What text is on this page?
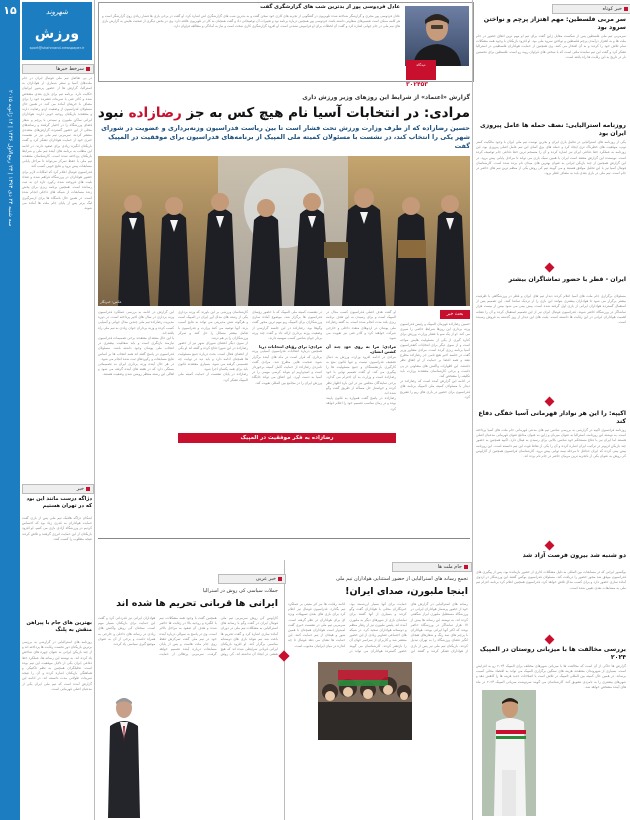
۱۵
سه شنبه ۲۴ دی ۱۳۹۳ | ۲۳ ربیع‌الاول ۱۴۳۶ | ۱۴ ژانویه ۲۰۱۵
شهروند
ورزش
sport@shahrvand-newspaper.ir
سرخط خبرها

در پی تفاضل تیم ملی فوتبال ایران در جام ملت‌های آسیا و سفر شماری از هواداران به استرالیا، گزارش ها از حضور پرشور ایرانیان حکایت دارد. برنامه تیم برای بازی بعدی مشخص شده و کادر فنی با تمرینات فشرده خود را برای مصاف با حریفان آماده می کند. در همین حال مسئولان فدراسیون از وضعیت اردو رضایت دارند و معتقدند بازیکنان روحیه خوبی دارند. هواداران ایرانی ساکن ملبورن و سیدنی با پرچم و شعار فضای ورزشگاه را در اختیار گرفتند و رسانه‌های محلی از این حضور گسترده گزارش‌های متعددی منتشر کردند. سرمربی تیم ملی نیز در نشست خبری خود از حمایت هواداران تشکر کرد و گفت بازیکنان انگیزه زیادی برای صعود دارند. در ادامه این مطلب به برنامه های آینده تیم ملی و شرایط بازیکنان پرداخته شده است. کارشناسان معتقدند تیم ملی با حفظ تمرکز می‌تواند تا مراحل پایانی مسابقات پیش برود و نتایج خوبی کسب کند.

فدراسیون فوتبال اعلام کرد که امکانات لازم برای حضور هواداران در ورزشگاه فراهم شده و تعداد بلیت های فروخته شده رکورد تازه ای به ثبت رسانده است. همچنین برنامه ریزی برای پخش زنده مسابقات از شبکه های داخلی انجام شده است. در همین حال باشگاه ها برای ازسرگیری لیگ برتر پس از پایان جام ملت ها آماده می شوند.

خبر
دژاگه درست مانند این بود که در تهران هستیم

اشکان دژاگه هافبک تیم ملی پس از بازی گفت حمایت هواداران به قدری زیاد بود که احساس کردیم در ورزشگاه آزادی بازی می کنیم. او افزود بازیکنان از این حمایت انرژی گرفتند و تلاش کردند نتیجه مطلوب را کسب کنند.

بهترین های جام با پیراهن منقش به پلنگ

روزنامه های استرالیایی در گزارشی به بررسی برترین بازیکنان دور نخست رقابت ها پرداخته اند و از چند بازیکن ایرانی به عنوان چهره های شاخص یاد کرده اند. به نوشته این رسانه ها، عملکرد خط دفاعی ایران یکی از دلایل موفقیت این تیم بوده است. تحلیلگران همچنین به نظم تاکتیکی و هماهنگی بازیکنان اشاره کرده و آن را نتیجه تمرینات طولانی مدت دانسته اند. در ادامه این گزارش آمده است که تیم ملی ایران یکی از مدعیان اصلی قهرمانی است.

عادل فردوسی پور از بدترین شب های گزارشگری گفت

عادل فردوسی پور مجری و گزارشگر شناخته شده تلویزیون در گفتگویی از تجربه های کاری خود سخن گفت و به بدترین شب های گزارشگری اش اشاره کرد. او گفت در برخی بازی ها فشار زیادی روی گزارشگر است و هر کلمه ممکن است تفسیرهای متفاوتی داشته باشد. فردوسی پور همچنین درباره برنامه نود و تغییرات آن توضیحاتی داد و گفت همچنان به کار در تلویزیون علاقه دارد. وی در بخش دیگری از صحبت هایش به گزارش بازی های تیم ملی در جام جهانی اشاره کرد و گفت آن لحظات برای او فراموش نشدنی است. او افزود گزارشگری کاری سخت است و نیاز به آمادگی و مطالعه فراوان دارد.

دیدگاه
۳۰۲۴۵۳
گزارش «اعتماد» از شرایط این روزهای وزیر ورزش داری
مرادی: در انتخابات آسیا نام هیچ کس به جز رضازاده نبود
حسین رضازاده که از طرف وزارت ورزش تحت فشار است تا بین ریاست فدراسیون وزنه‌برداری و عضویت در شورای شهر یکی را انتخاب کند، در نشست با مسئولان کمیته ملی المپیک از برنامه‌های فدراسیون برای موفقیت در المپیک گفت
عکس: خبرنگار
بحث خبر

حسین رضازاده قهرمان المپیک و رئیس فدراسیون وزنه برداری این روزها شرایط خاصی را سپری می کند. او از یک سو با فشار وزارت ورزش برای کناره گیری از یکی از مسئولیت هایش مواجه است و از سوی دیگر برای انتخابات کنفدراسیون آسیا برنامه ریزی کرده است. مرادی مشاور وزیر گفت در جلسه اخیر هیچ نامی جز رضازاده مطرح نشد و همه اعضا بر حمایت از او اتفاق نظر داشتند. این اظهارات واکنش های متفاوتی در پی داشت و برخی کارشناسان معتقدند وزارت باید تکلیف را مشخص کند.

در ادامه این گزارش آمده است که رضازاده در دیدار با مسئولان کمیته ملی المپیک برنامه های فدراسیون برای حضور در بازی های ریو را تشریح کرد.

او گفت هدف اصلی فدراسیون کسب مدال در المپیک است و برای رسیدن به این هدف برنامه ریزی بلند مدت انجام شده است. به گفته رضازاده ملی پوشان در اردوهای متعدد داخلی و خارجی شرکت خواهند کرد و کادر فنی نیز تقویت می شود.

مرادی: مرا به روی خود چند آن کشتن انشان.

مرادی در ادامه افزود وزارت ورزش به دنبال تضعیف فدراسیون نیست و تنها قانون منع به کارگیری بازنشستگان و جمع مسئولیت ها را پیگیری می کند. او گفت تصمیم نهایی با خود رضازاده است و وزارت به آن احترام می گذارد. برخی نمایندگان مجلس نیز در این باره اظهار نظر کرده و خواستار حل مسأله از طریق گفت وگو شده اند.

رضازاده در پاسخ گفت همواره به قانون پایبند بوده و در زمان مناسب تصمیم خود را اعلام خواهد کرد.

در نشست کمیته ملی المپیک که با حضور رؤسای فدراسیون ها برگزار شد، موضوع آماده سازی ورزشکاران برای المپیک ریو مهم ترین محور گفت وگوها بود. رضازاده در این جلسه گزارشی از وضعیت وزنه برداری ارائه داد و گفت چند وزنه بردار جوان شانس کسب سهمیه دارند.

مرادی: برای رؤیای انتخابات دریا

همچنین درباره انتخابات فدراسیون آسیایی وزنه برداری که قرار است در ماه های آینده برگزار شود، صحبت هایی مطرح شد. مرادی گفت نامزدی رضازاده از حمایت کامل کمیته برخوردار است و امیدواریم او بتواند کرسی مهمی را در آسیا به دست آورد. این اتفاق می تواند جایگاه ورزش ایران را در مجامع بین المللی تقویت کند.

کارشناسان ورزشی بر این باورند که وزنه برداری یکی از رشته های مدال آور ایران در المپیک است و هرگونه تنش مدیریتی می تواند به نتایج آسیب بزند. آنها توصیه می کنند وزارت و فدراسیون با تعامل بیشتر مسائل را حل کنند و تمرکز ورزشکاران را بر هم نزنند.

از سوی دیگر اعضای شورای شهر نیز از حضور رضازاده در این شورا دفاع کرده و گفته اند او یکی از اعضای فعال است. بحث درباره جمع مسئولیت ها همچنان ادامه دارد و باید دید در نهایت چه تصمیمی گرفته می شود. بسیاری معتقدند قانون باید برای همه یکسان اجرا شود.

رضازاده در پایان نشست از حمایت کمیته ملی المپیک تشکر کرد.

این گزارش در ادامه به بررسی عملکرد فدراسیون وزنه برداری در سال های اخیر پرداخته است. در دوره مدیریت رضازاده تیم ملی چندین مدال جهانی و آسیایی کسب کرده و وزنه برداران جوان زیادی به تیم ملی راه یافته اند.

با این حال منتقدان معتقدند برخی تصمیمات فدراسیون نیازمند بازنگری است و باید شفافیت بیشتری در انتخاب ملی پوشان وجود داشته باشد. مسئولان فدراسیون در پاسخ گفته اند همه انتخاب ها بر اساس نتایج مسابقات و رکوردهای ثبت شده انجام می شود.

در هر حال آینده وزنه برداری ایران به تصمیماتی بستگی دارد که در هفته های آینده گرفته می شود و اهالی این رشته منتظر روشن شدن وضعیت هستند.

رضازاده به فکر موفقیت در المپیک
جام ملت ها
تجمع رسانه های استرالیایی از حضور استثنایی هواداران تیم ملی
اینجا ملبورن، صدای ایران!

رسانه های استرالیایی در گزارش های خود از حضور پرشمار هواداران ایرانی در ورزشگاه مستطیل ملبورن ابراز شگفتی کرده اند. به نوشته این رسانه ها بیش از ۱۷ هزار تماشاگر در ورزشگاه حاضر بودند که اکثر آنها ایرانی بودند. هواداران با پرچم های سه رنگ و شعارهای هیجان انگیز فضای ورزشگاه را به تهران تبدیل کردند. بازیکنان تیم ملی نیز پس از بازی از هواداران تشکر کردند و گفتند این حمایت برای آنها بسیار ارزشمند بود. خبرنگاران محلی با هواداران گفت وگو کردند و بسیاری از آنها گفتند برای تماشای بازی از شهرهای دیگر به ملبورن آمده اند. پلیس ملبورن نیز از رفتار منظم و دوستانه هواداران تمجید کرد. در شبکه های اجتماعی تصاویر زیادی از این حضور منتشر شد و کاربران از سراسر جهان آن را بازنشر کردند. کارشناسان می گویند حضور گسترده هواداران می تواند در ادامه رقابت ها نیز اثر مثبتی بر عملکرد تیم بگذارد. فدراسیون فوتبال نیز اعلام کرد برای بازی های بعدی تسهیلات ویژه ای برای هواداران در نظر گرفته است. سرمربی تیم ملی در نشست خبری گفت امیدوار است هواداران همچنان با همین شور و هیجان از تیم حمایت کنند. این حمایت ها نشان می دهد فوتبال تا چه اندازه در میان ایرانیان محبوب است.

خبر عربی
جملات سیاسی کی روش در استرالیا
ایرانی ها قربانی تحریم ها شده اند

کارلوس کی روش سرمربی تیم ملی فوتبال ایران در گفت وگو با رسانه های استرالیایی به مشکلات تیم ملی در دوران آماده سازی اشاره کرد و گفت تحریم ها باعث شد تیم نتواند بازی های دوستانه مناسبی برگزار کند. او افزود بازیکنان ایرانی قربانی شرایطی شده اند که هیچ نقشی در ایجاد آن نداشته اند. کی روش همچنین گفت با وجود همه مشکلات، تیم با انگیزه و روحیه بالا در رقابت ها حاضر شده و هدف آن صعود به مراحل بالاتر است. وی در پاسخ به سوالی درباره آینده خود در تیم ملی گفت تمرکزش فقط روی جام ملت هاست و پس از پایان مسابقات درباره آینده تصمیم خواهد گرفت. سرمربی پرتغالی از حمایت هواداران ایرانی نیز قدردانی کرد و گفت این حمایت برای بازیکنان بسیار مهم است. سخنان کی روش واکنش های زیادی در رسانه های داخلی و خارجی به همراه داشت و برخی از آن به عنوان موضع گیری سیاسی یاد کردند.

خبر کوتاه
سر مربی فلسطین: مهم اهتزاز پرچم و نواختن سرود بود

سرمربی تیم ملی فلسطین پس از شکست مقابل ژاپن گفت برای تیم او مهم ترین اتفاق حضور در جام ملت ها و به اهتزاز درآمدن پرچم فلسطین و نواختن سرود ملی بود. او افزود بازیکنان با وجود همه مشکلات تمام تلاش خود را کردند و به آن افتخار می کنند. وی همچنین از حمایت هواداران فلسطینی در استرالیا تشکر کرد و گفت این تیم نماینده ملتی است که با سختی های فراوان روبه رو است. فلسطین برای نخستین بار در تاریخ به این رقابت ها راه یافته است.

روزنامه استرالیایی: نصف حمله ها عامل پیروزی ایران بود

یکی از روزنامه های استرالیایی در تحلیل بازی ایران و بحرین نوشت تیم ملی ایران با وجود مالکیت کمتر توپ، موقعیت های خطرناک تری ایجاد کرد و حمله های برق آسای این تیم عامل اصلی پیروزی بود. این روزنامه به عملکرد خط دفاعی ایران نیز اشاره کرده و آن را منسجم ترین خط دفاعی جام توصیف کرده است. نویسنده این گزارش معتقد است ایران با همین سبک بازی می تواند تا مراحل پایانی پیش برود. در این گزارش همچنین از چند بازیکن ایرانی به عنوان بهترین های میدان نام برده شده است. کارشناسان فوتبال آسیا نیز با این تحلیل موافق هستند و می گویند تیم کی روش یکی از منظم ترین تیم های حاضر در جام است. تیم ملی در بازی بعدی باید به مصاف قطر برود.

ایران - قطر با حضور تماشاگران بیشتر

مسئولان برگزاری جام ملت های آسیا اعلام کردند دیدار تیم های ایران و قطر در ورزشگاهی با ظرفیت بیشتر برگزار می شود تا هواداران بیشتری بتوانند این بازی را از نزدیک تماشا کنند. این تصمیم پس از استقبال گسترده هواداران ایرانی از بازی اول گرفته شده است. پیش بینی می شود بیش از بیست هزار تماشاگر در ورزشگاه حاضر شوند. فدراسیون فوتبال ایران نیز از این تصمیم استقبال کرده و آن را نشانه اهمیت هواداران ایرانی در این رقابت ها دانسته است. بلیت های این دیدار از روز گذشته به فروش رسیده است.

اکیپه: را این هر نوادار قهرمانی آسیا خفگی دفاع کند

روزنامه فرانسوی اکیپه در گزارشی به بررسی شانس تیم های مدعی قهرمانی جام ملت های آسیا پرداخته است. به نوشته این روزنامه، استرالیا به عنوان میزبان و ژاپن به عنوان مدافع عنوان قهرمانی مدعیان اصلی هستند اما ایران نیز با دفاع مستحکم خود شانس بالایی برای رسیدن به فینال دارد. اکیپه همچنین به حضور چند بازیکن لژیونر در ترکیب ایران اشاره کرده و آن را یکی از نقاط قوت این تیم دانسته است. این روزنامه پیش بینی کرده که ایران حداقل تا مرحله نیمه نهایی پیش برود. کارشناسان فرانسوی همچنین از کارلوس کی روش به عنوان یکی از باتجربه ترین مربیان حاضر در جام نام برده اند.

دو شنبه شد بیرون فرصت آزاد شد

بوکسور ایرانی که در مسابقات بین المللی به دلیل مشکلات اداری از حضور بازمانده بود، پس از پیگیری های فدراسیون موفق شد مجوز حضور را دریافت کند. مسئولان فدراسیون بوکس گفتند این ورزشکار در اردوی آماده سازی حضور دارد و برای کسب مدال تلاش خواهد کرد. فدراسیون همچنین اعلام کرد برنامه اعزام تیم ملی به مسابقات بعدی تعیین شده است.

بررسی مخالفت ها با میزبانی روستان در المپیک ۲۰۲۴

گزارش ها حاکی از آن است که مخالفت ها با میزبانی شهرهای مختلف برای المپیک ۲۰۲۴ رو به افزایش است. بسیاری از شهروندان معتقدند هزینه های سنگین برگزاری المپیک می تواند به اقتصاد محلی آسیب برساند. در همین حال کمیته بین المللی المپیک در تلاش است با اصلاحات جدید هزینه ها را کاهش دهد و شهرهای بیشتری را به نامزدی تشویق کند. کارشناسان می گویند سرنوشت میزبانی المپیک ۲۰۲۴ در ماه های آینده مشخص خواهد شد.
